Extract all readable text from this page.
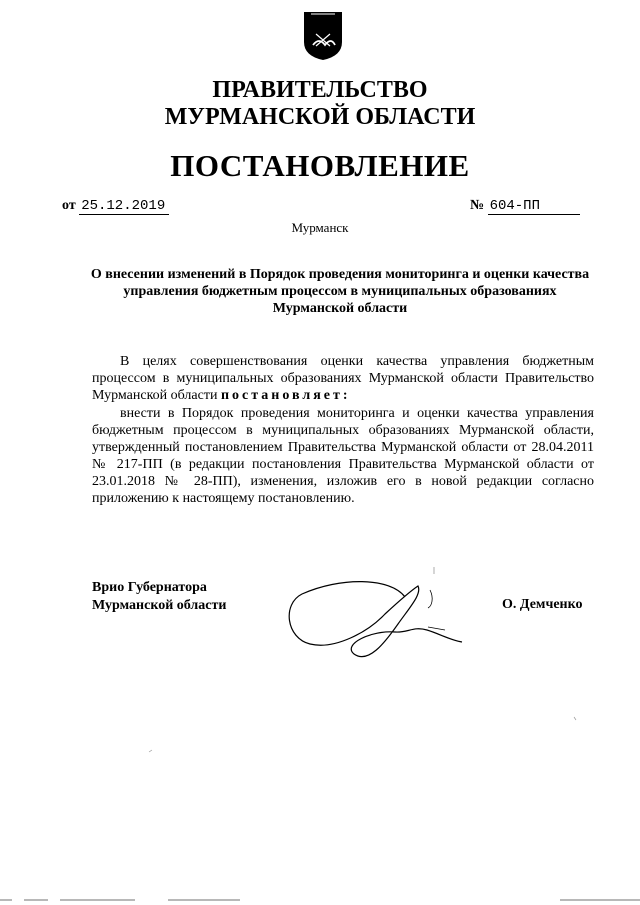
ПРАВИТЕЛЬСТВО
МУРМАНСКОЙ ОБЛАСТИ
ПОСТАНОВЛЕНИЕ
от 25.12.2019	№ 604-ПП
Мурманск
О внесении изменений в Порядок проведения мониторинга и оценки качества управления бюджетным процессом в муниципальных образованиях Мурманской области
В целях совершенствования оценки качества управления бюджетным процессом в муниципальных образованиях Мурманской области Правительство Мурманской области постановляет:
внести в Порядок проведения мониторинга и оценки качества управления бюджетным процессом в муниципальных образованиях Мурманской области, утвержденный постановлением Правительства Мурманской области от 28.04.2011 № 217-ПП (в редакции постановления Правительства Мурманской области от 23.01.2018 № 28-ПП), изменения, изложив его в новой редакции согласно приложению к настоящему постановлению.
Врио Губернатора
Мурманской области	О. Демченко
